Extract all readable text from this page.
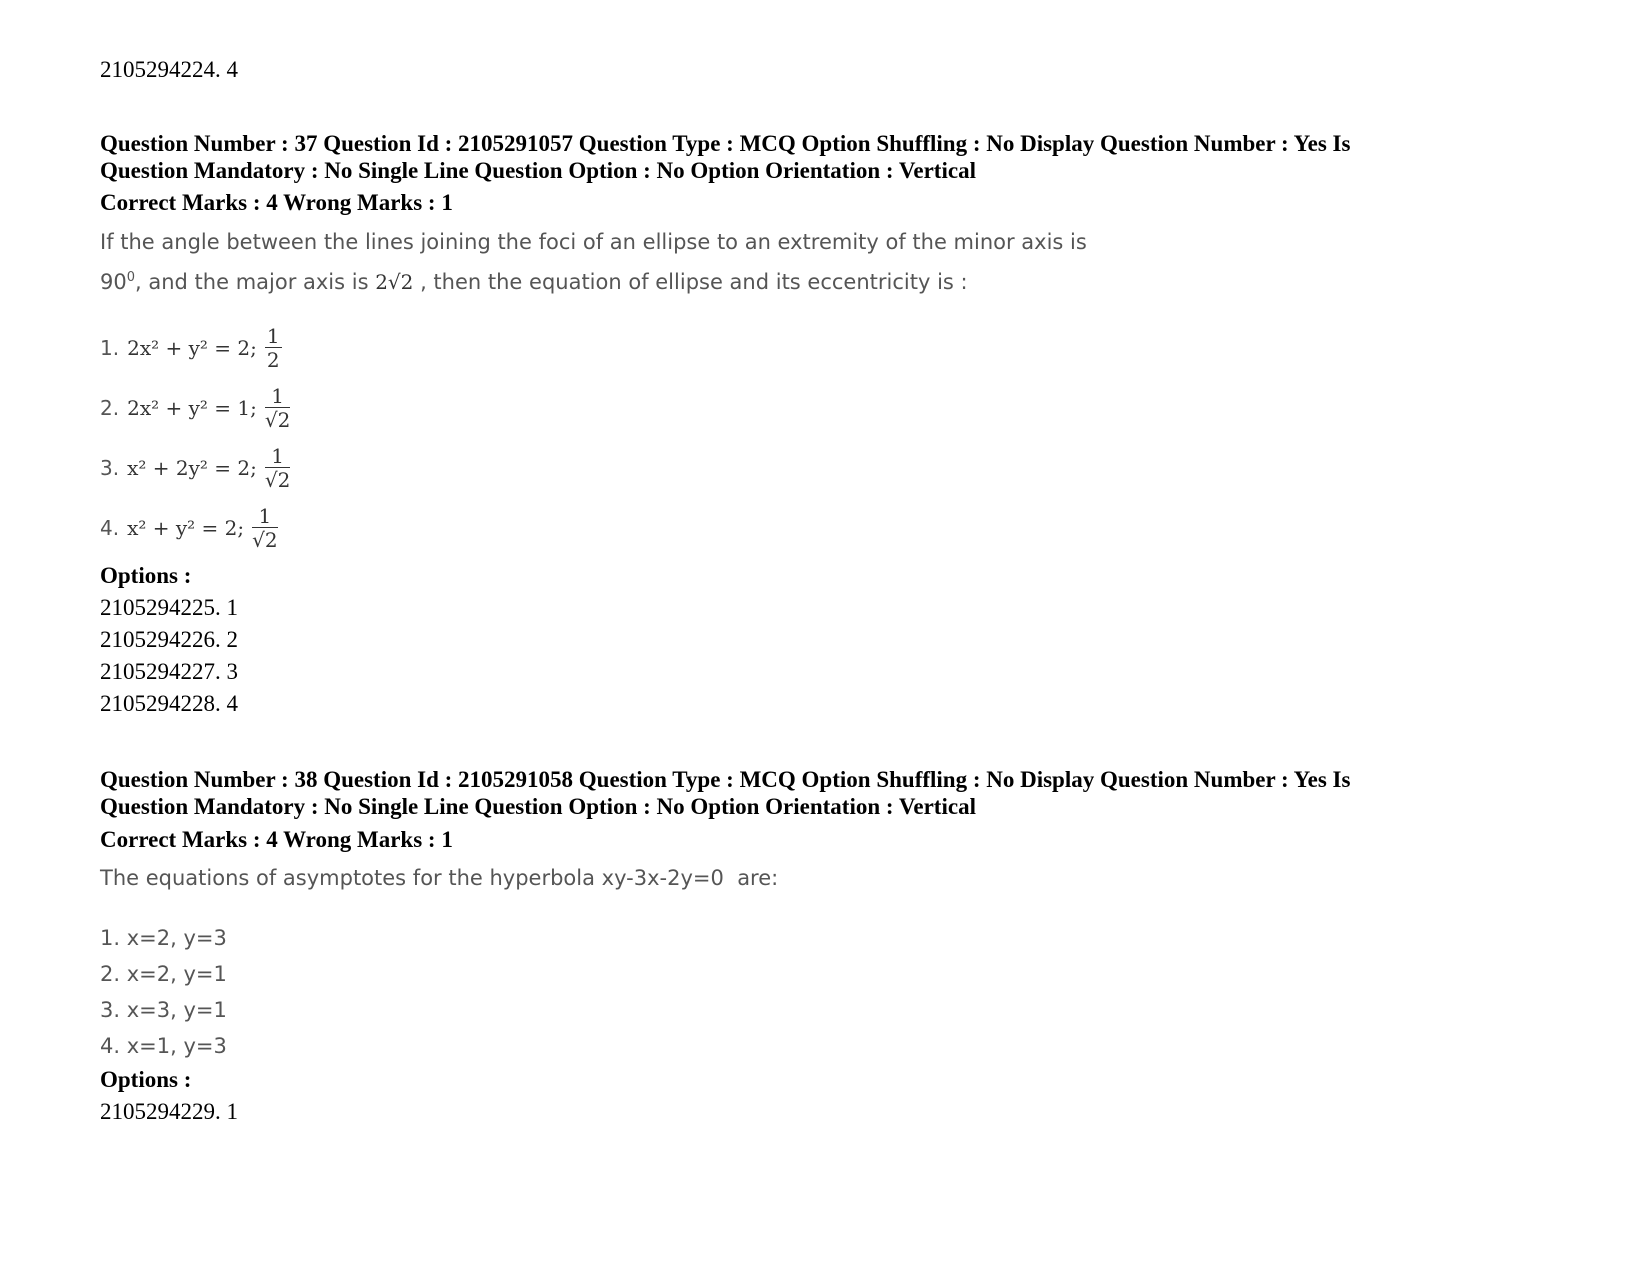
2105294224. 4
Question Number : 37 Question Id : 2105291057 Question Type : MCQ Option Shuffling : No Display Question Number : Yes Is
Question Mandatory : No Single Line Question Option : No Option Orientation : Vertical
Correct Marks : 4 Wrong Marks : 1
If the angle between the lines joining the foci of an ellipse to an extremity of the minor axis is
$90^0$, and the major axis is 2√2 , then the equation of ellipse and its eccentricity is :
1. 2x² + y² = 2; $\frac{1}{2}$
2. 2x² + y² = 1; $\frac{1}{√2}$
3. x² + 2y² = 2; $\frac{1}{√2}$
4. x² + y² = 2; $\frac{1}{√2}$
Options :
2105294225. 1
2105294226. 2
2105294227. 3
2105294228. 4
Question Number : 38 Question Id : 2105291058 Question Type : MCQ Option Shuffling : No Display Question Number : Yes Is
Question Mandatory : No Single Line Question Option : No Option Orientation : Vertical
Correct Marks : 4 Wrong Marks : 1
The equations of asymptotes for the hyperbola xy-3x-2y=0  are:
1. x=2, y=3
2. x=2, y=1
3. x=3, y=1
4. x=1, y=3
Options :
2105294229. 1
